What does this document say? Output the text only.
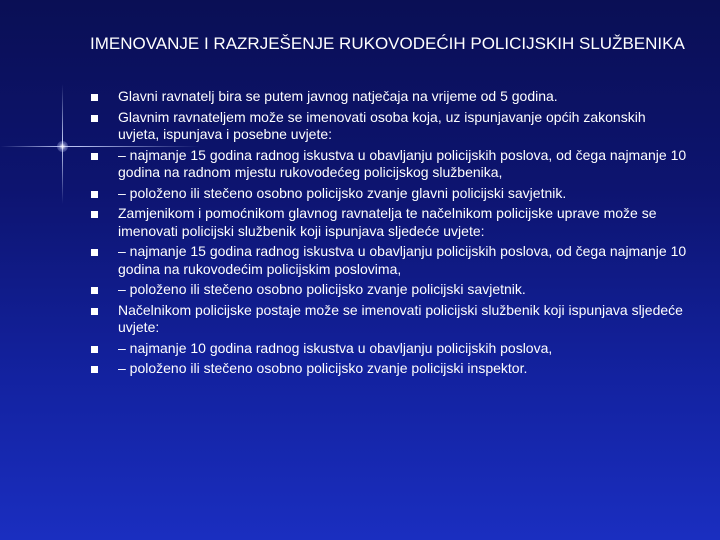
IMENOVANJE I RAZRJEŠENJE RUKOVODEĆIH POLICIJSKIH SLUŽBENIKA
Glavni ravnatelj bira se putem javnog natječaja na vrijeme od 5 godina.
Glavnim ravnateljem može se imenovati osoba koja, uz ispunjavanje općih zakonskih uvjeta, ispunjava i posebne uvjete:
– najmanje 15 godina radnog iskustva u obavljanju policijskih poslova, od čega najmanje 10 godina na radnom mjestu rukovodećeg policijskog službenika,
– položeno ili stečeno osobno policijsko zvanje glavni policijski savjetnik.
Zamjenikom i pomoćnikom glavnog ravnatelja te načelnikom policijske uprave može se imenovati policijski službenik koji ispunjava sljedeće uvjete:
– najmanje 15 godina radnog iskustva u obavljanju policijskih poslova, od čega najmanje 10 godina na rukovodećim policijskim poslovima,
– položeno ili stečeno osobno policijsko zvanje policijski savjetnik.
Načelnikom policijske postaje može se imenovati policijski službenik koji ispunjava sljedeće uvjete:
– najmanje 10 godina radnog iskustva u obavljanju policijskih poslova,
– položeno ili stečeno osobno policijsko zvanje policijski inspektor.
